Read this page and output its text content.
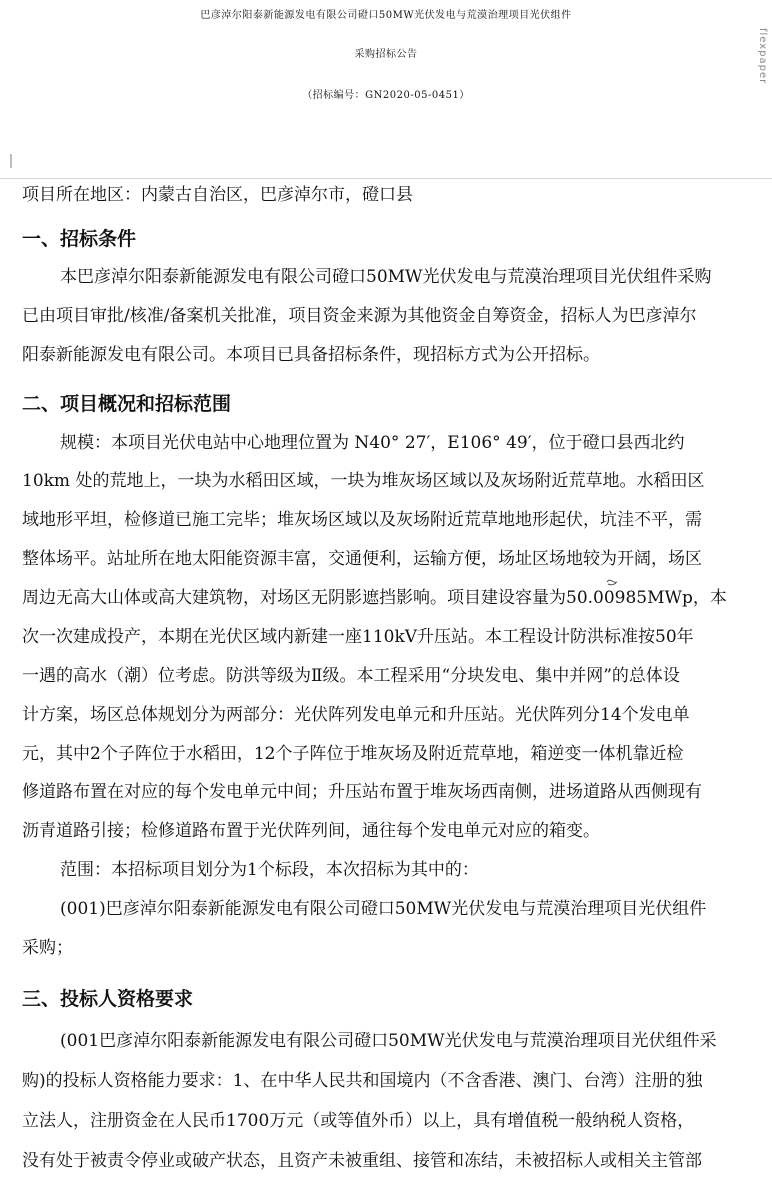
巴彦淖尔阳泰新能源发电有限公司磴口50MW光伏发电与荒漠治理项目光伏组件
采购招标公告
（招标编号：GN2020-05-0451）
flexpaper
项目所在地区：内蒙古自治区，巴彦淖尔市，磴口县
一、招标条件
本巴彦淖尔阳泰新能源发电有限公司磴口50MW光伏发电与荒漠治理项目光伏组件采购
已由项目审批/核准/备案机关批准，项目资金来源为其他资金自筹资金，招标人为巴彦淖尔
阳泰新能源发电有限公司。本项目已具备招标条件，现招标方式为公开招标。
二、项目概况和招标范围
规模：本项目光伏电站中心地理位置为 N40° 27′，E106° 49′，位于磴口县西北约
10km 处的荒地上，一块为水稻田区域，一块为堆灰场区域以及灰场附近荒草地。水稻田区
域地形平坦，检修道已施工完毕；堆灰场区域以及灰场附近荒草地地形起伏，坑洼不平，需
整体场平。站址所在地太阳能资源丰富，交通便利，运输方便，场址区场地较为开阔，场区
周边无高大山体或高大建筑物，对场区无阴影遮挡影响。项目建设容量为50.00985MWp，本
次一次建成投产，本期在光伏区域内新建一座110kV升压站。本工程设计防洪标准按50年
一遇的高水（潮）位考虑。防洪等级为Ⅱ级。本工程采用“分块发电、集中并网”的总体设
计方案，场区总体规划分为两部分：光伏阵列发电单元和升压站。光伏阵列分14个发电单
元，其中2个子阵位于水稻田，12个子阵位于堆灰场及附近荒草地，箱逆变一体机靠近检
修道路布置在对应的每个发电单元中间；升压站布置于堆灰场西南侧，进场道路从西侧现有
沥青道路引接；检修道路布置于光伏阵列间，通往每个发电单元对应的箱变。
范围：本招标项目划分为1个标段，本次招标为其中的：
(001)巴彦淖尔阳泰新能源发电有限公司磴口50MW光伏发电与荒漠治理项目光伏组件
采购；
三、投标人资格要求
(001巴彦淖尔阳泰新能源发电有限公司磴口50MW光伏发电与荒漠治理项目光伏组件采
购)的投标人资格能力要求：1、在中华人民共和国境内（不含香港、澳门、台湾）注册的独
立法人，注册资金在人民币1700万元（或等值外币）以上，具有增值税一般纳税人资格，
没有处于被责令停业或破产状态，且资产未被重组、接管和冻结，未被招标人或相关主管部
